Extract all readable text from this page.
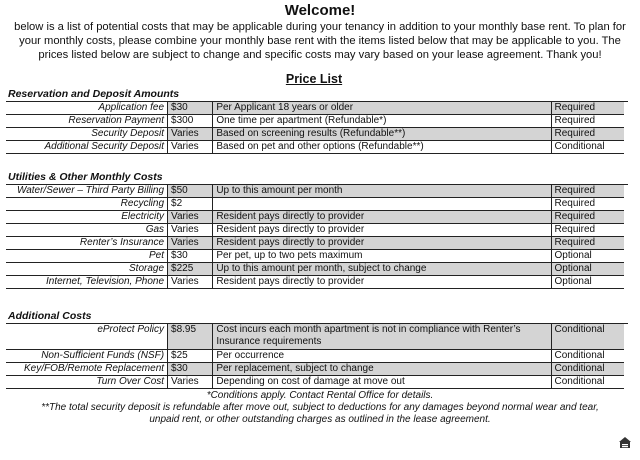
Welcome!
below is a list of potential costs that may be applicable during your tenancy in addition to your monthly base rent. To plan for
your monthly costs, please combine your monthly base rent with the items listed below that may be applicable to you. The
prices listed below are subject to change and specific costs may vary based on your lease agreement. Thank you!
Price List
Reservation and Deposit Amounts
Application fee	$30	Per Applicant 18 years or older	Required
Reservation Payment	$300	One time per apartment (Refundable*)	Required
Security Deposit	Varies	Based on screening results (Refundable**)	Required
Additional Security Deposit	Varies	Based on pet and other options (Refundable**)	Conditional
Utilities & Other Monthly Costs
Water/Sewer – Third Party Billing	$50	Up to this amount per month	Required
Recycling	$2		Required
Electricity	Varies	Resident pays directly to provider	Required
Gas	Varies	Resident pays directly to provider	Required
Renter’s Insurance	Varies	Resident pays directly to provider	Required
Pet	$30	Per pet, up to two pets maximum	Optional
Storage	$225	Up to this amount per month, subject to change	Optional
Internet, Television, Phone	Varies	Resident pays directly to provider	Optional
Additional Costs
eProtect Policy	$8.95	Cost incurs each month apartment is not in compliance with Renter’s Insurance requirements	Conditional
Non-Sufficient Funds (NSF)	$25	Per occurrence	Conditional
Key/FOB/Remote Replacement	$30	Per replacement, subject to change	Conditional
Turn Over Cost	Varies	Depending on cost of damage at move out	Conditional
*Conditions apply. Contact Rental Office for details.
**The total security deposit is refundable after move out, subject to deductions for any damages beyond normal wear and tear,
unpaid rent, or other outstanding charges as outlined in the lease agreement.
